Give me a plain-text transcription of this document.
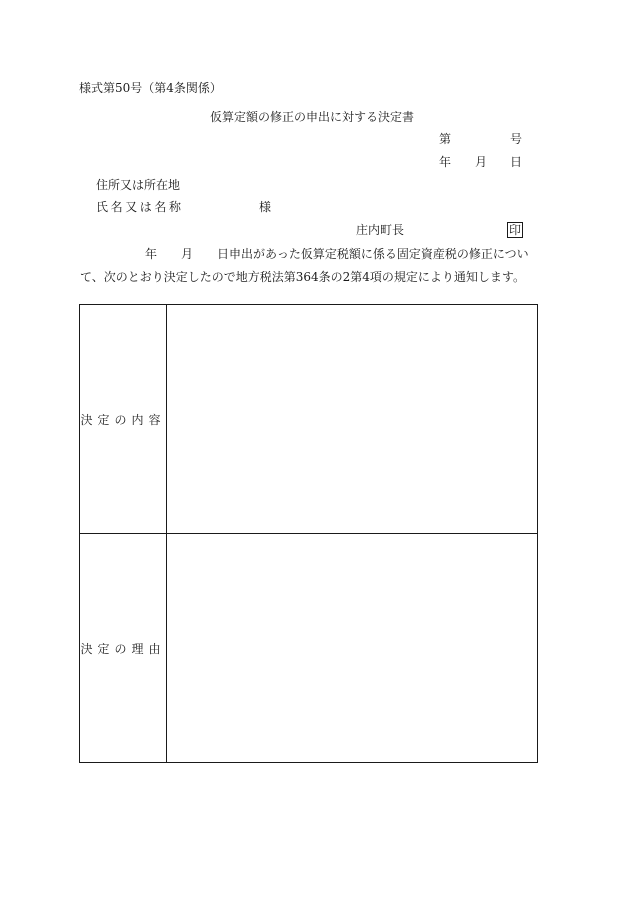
様式第50号（第4条関係）
仮算定額の修正の申出に対する決定書
第	号
年 月 日
住所又は所在地
氏名又は名称	様
庄内町長	印
年 月 日申出があった仮算定税額に係る固定資産税の修正につい
て、次のとおり決定したので地方税法第364条の2第4項の規定により通知します。
決定の内容	
決定の理由	
